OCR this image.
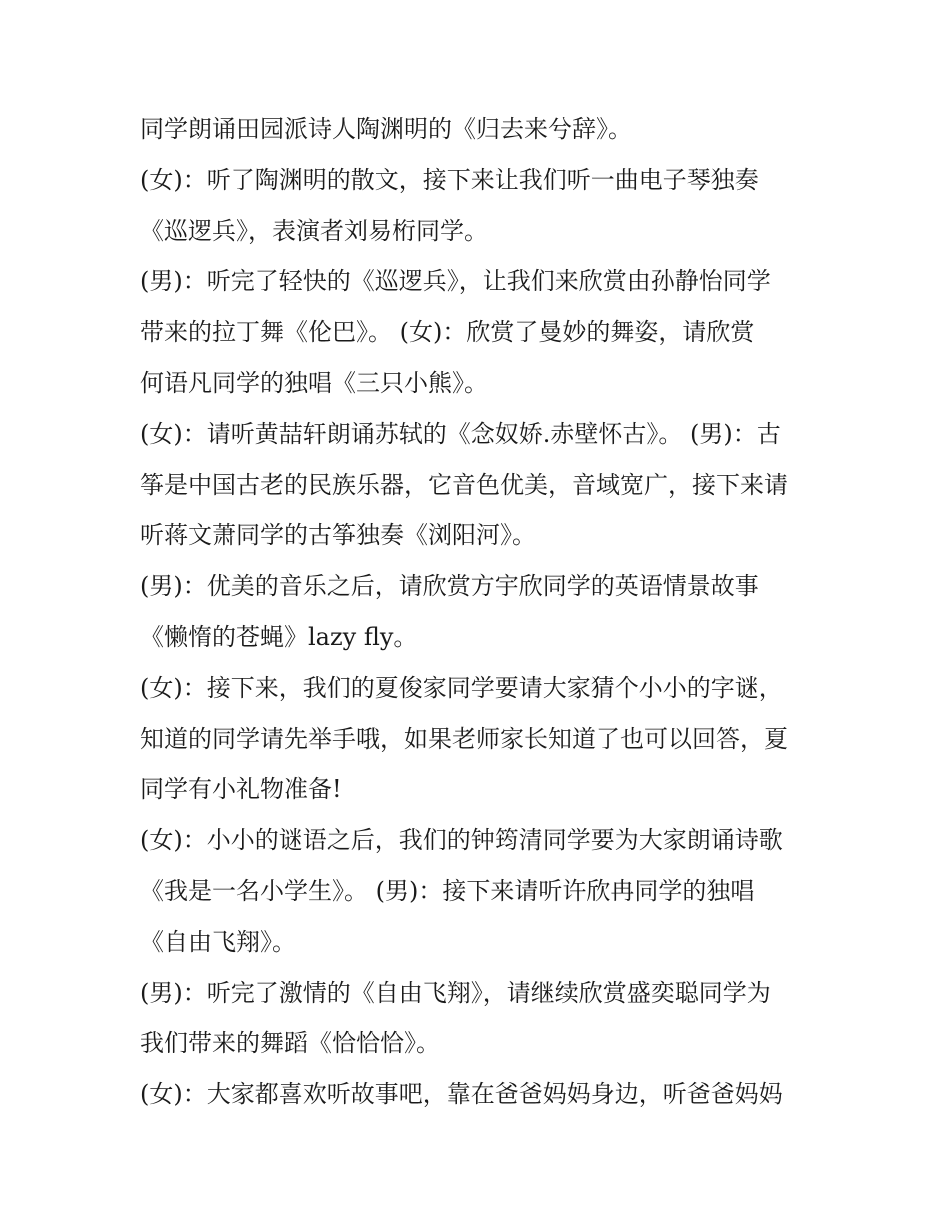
同学朗诵田园派诗人陶渊明的《归去来兮辞》。
(女)：听了陶渊明的散文，接下来让我们听一曲电子琴独奏
《巡逻兵》，表演者刘易桁同学。
(男)：听完了轻快的《巡逻兵》，让我们来欣赏由孙静怡同学
带来的拉丁舞《伦巴》。 (女)：欣赏了曼妙的舞姿，请欣赏
何语凡同学的独唱《三只小熊》。
(女)：请听黄喆轩朗诵苏轼的《念奴娇.赤壁怀古》。 (男)：古
筝是中国古老的民族乐器，它音色优美，音域宽广，接下来请
听蒋文萧同学的古筝独奏《浏阳河》。
(男)：优美的音乐之后，请欣赏方宇欣同学的英语情景故事
《懒惰的苍蝇》lazy fly。
(女)：接下来，我们的夏俊家同学要请大家猜个小小的字谜，
知道的同学请先举手哦，如果老师家长知道了也可以回答，夏
同学有小礼物准备!
(女)：小小的谜语之后，我们的钟筠清同学要为大家朗诵诗歌
《我是一名小学生》。 (男)：接下来请听许欣冉同学的独唱
《自由飞翔》。
(男)：听完了激情的《自由飞翔》，请继续欣赏盛奕聪同学为
我们带来的舞蹈《恰恰恰》。
(女)：大家都喜欢听故事吧，靠在爸爸妈妈身边，听爸爸妈妈
